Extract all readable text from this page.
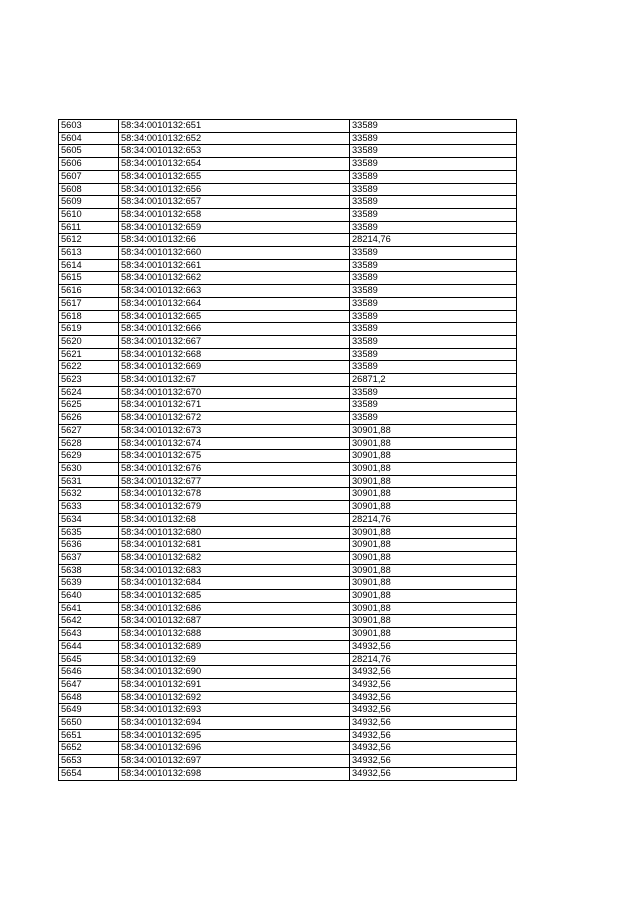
5603	58:34:0010132:651	33589
5604	58:34:0010132:652	33589
5605	58:34:0010132:653	33589
5606	58:34:0010132:654	33589
5607	58:34:0010132:655	33589
5608	58:34:0010132:656	33589
5609	58:34:0010132:657	33589
5610	58:34:0010132:658	33589
5611	58:34:0010132:659	33589
5612	58:34:0010132:66	28214,76
5613	58:34:0010132:660	33589
5614	58:34:0010132:661	33589
5615	58:34:0010132:662	33589
5616	58:34:0010132:663	33589
5617	58:34:0010132:664	33589
5618	58:34:0010132:665	33589
5619	58:34:0010132:666	33589
5620	58:34:0010132:667	33589
5621	58:34:0010132:668	33589
5622	58:34:0010132:669	33589
5623	58:34:0010132:67	26871,2
5624	58:34:0010132:670	33589
5625	58:34:0010132:671	33589
5626	58:34:0010132:672	33589
5627	58:34:0010132:673	30901,88
5628	58:34:0010132:674	30901,88
5629	58:34:0010132:675	30901,88
5630	58:34:0010132:676	30901,88
5631	58:34:0010132:677	30901,88
5632	58:34:0010132:678	30901,88
5633	58:34:0010132:679	30901,88
5634	58:34:0010132:68	28214,76
5635	58:34:0010132:680	30901,88
5636	58:34:0010132:681	30901,88
5637	58:34:0010132:682	30901,88
5638	58:34:0010132:683	30901,88
5639	58:34:0010132:684	30901,88
5640	58:34:0010132:685	30901,88
5641	58:34:0010132:686	30901,88
5642	58:34:0010132:687	30901,88
5643	58:34:0010132:688	30901,88
5644	58:34:0010132:689	34932,56
5645	58:34:0010132:69	28214,76
5646	58:34:0010132:690	34932,56
5647	58:34:0010132:691	34932,56
5648	58:34:0010132:692	34932,56
5649	58:34:0010132:693	34932,56
5650	58:34:0010132:694	34932,56
5651	58:34:0010132:695	34932,56
5652	58:34:0010132:696	34932,56
5653	58:34:0010132:697	34932,56
5654	58:34:0010132:698	34932,56
